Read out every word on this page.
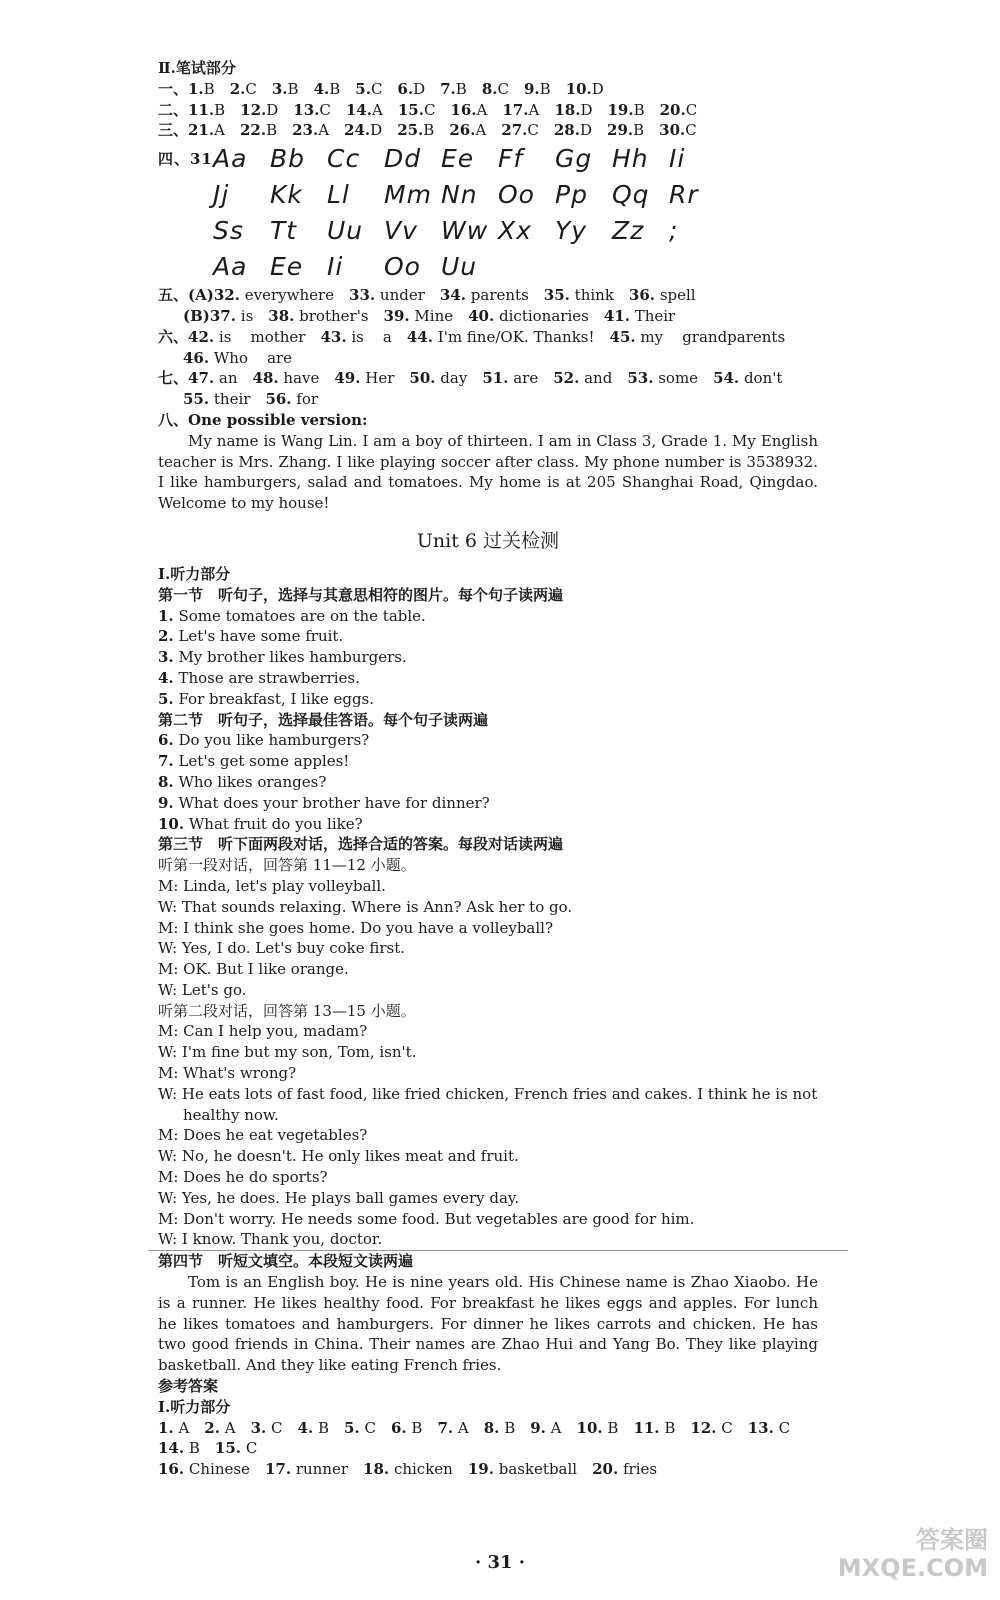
Ⅱ.笔试部分
一、1.B 2.C 3.B 4.B 5.C 6.D 7.B 8.C 9.B 10.D
二、11.B 12.D 13.C 14.A 15.C 16.A 17.A 18.D 19.B 20.C
三、21.A 22.B 23.A 24.D 25.B 26.A 27.C 28.D 29.B 30.C
四、31.
Aa Bb Cc Dd Ee Ff Gg Hh Ii
Jj Kk Ll Mm Nn Oo Pp Qq Rr
Ss Tt Uu Vv Ww Xx Yy Zz ;
Aa Ee Ii Oo Uu
五、(A)32. everywhere 33. under 34. parents 35. think 36. spell
(B)37. is 38. brother's 39. Mine 40. dictionaries 41. Their
六、42. is    mother 43. is    a 44. I'm fine/OK. Thanks! 45. my    grandparents
46. Who    are
七、47. an 48. have 49. Her 50. day 51. are 52. and 53. some 54. don't
55. their 56. for
八、One possible version:

My name is Wang Lin. I am a boy of thirteen. I am in Class 3, Grade 1. My English teacher is Mrs. Zhang. I like playing soccer after class. My phone number is 3538932. I like hamburgers, salad and tomatoes. My home is at 205 Shanghai Road, Qingdao. Welcome to my house!

Unit 6 过关检测
Ⅰ.听力部分
第一节　听句子，选择与其意思相符的图片。每个句子读两遍
1. Some tomatoes are on the table.
2. Let's have some fruit.
3. My brother likes hamburgers.
4. Those are strawberries.
5. For breakfast, I like eggs.
第二节　听句子，选择最佳答语。每个句子读两遍
6. Do you like hamburgers?
7. Let's get some apples!
8. Who likes oranges?
9. What does your brother have for dinner?
10. What fruit do you like?
第三节　听下面两段对话，选择合适的答案。每段对话读两遍
听第一段对话，回答第 11—12 小题。
M: Linda, let's play volleyball.
W: That sounds relaxing. Where is Ann? Ask her to go.
M: I think she goes home. Do you have a volleyball?
W: Yes, I do. Let's buy coke first.
M: OK. But I like orange.
W: Let's go.
听第二段对话，回答第 13—15 小题。
M: Can I help you, madam?
W: I'm fine but my son, Tom, isn't.
M: What's wrong?
W: He eats lots of fast food, like fried chicken, French fries and cakes. I think he is not
healthy now.
M: Does he eat vegetables?
W: No, he doesn't. He only likes meat and fruit.
M: Does he do sports?
W: Yes, he does. He plays ball games every day.
M: Don't worry. He needs some food. But vegetables are good for him.
W: I know. Thank you, doctor.
第四节　听短文填空。本段短文读两遍

Tom is an English boy. He is nine years old. His Chinese name is Zhao Xiaobo. He is a runner. He likes healthy food. For breakfast he likes eggs and apples. For lunch he likes tomatoes and hamburgers. For dinner he likes carrots and chicken. He has two good friends in China. Their names are Zhao Hui and Yang Bo. They like playing basketball. And they like eating French fries.

参考答案
Ⅰ.听力部分
1. A 2. A 3. C 4. B 5. C 6. B 7. A 8. B 9. A 10. B 11. B 12. C 13. C
14. B 15. C
16. Chinese 17. runner 18. chicken 19. basketball 20. fries
· 31 ·
答案圈
MXQE.COM
